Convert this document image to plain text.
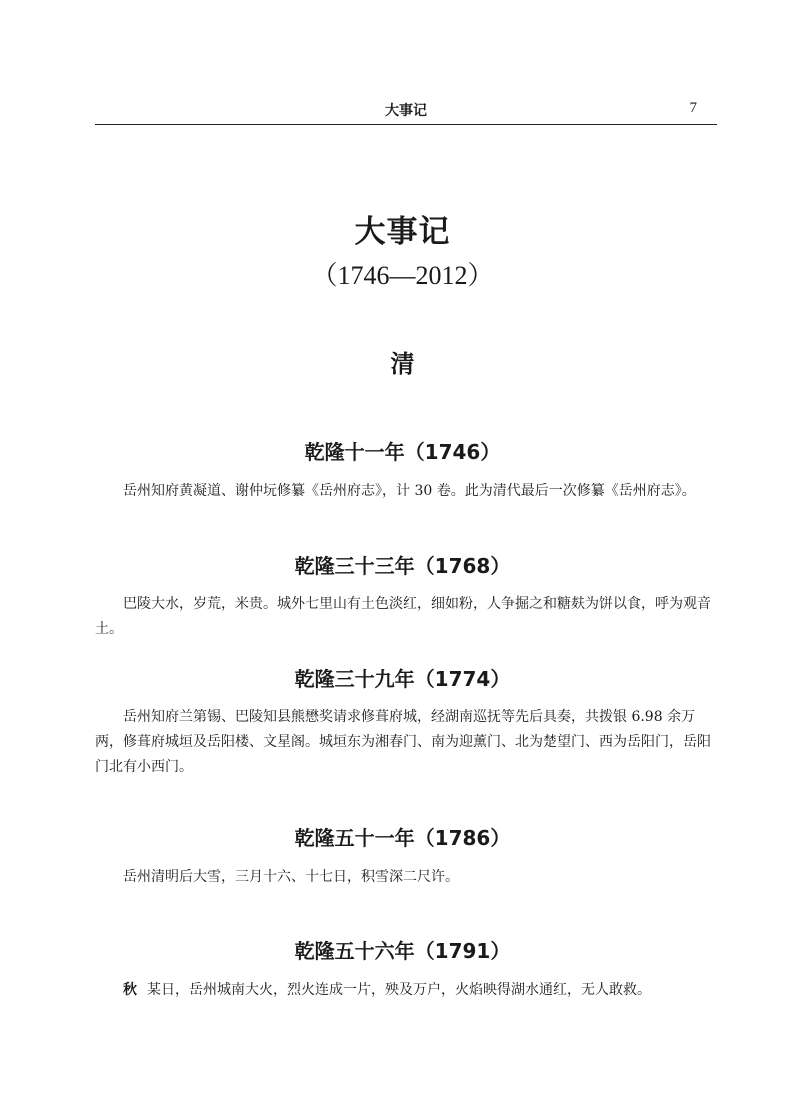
大事记	7
大事记
（1746—2012）
清
乾隆十一年（1746）

岳州知府黄凝道、谢仲坃修纂《岳州府志》，计 30 卷。此为清代最后一次修纂《岳州府志》。

乾隆三十三年（1768）

巴陵大水，岁荒，米贵。城外七里山有土色淡红，细如粉，人争掘之和糖麸为饼以食，呼为观音土。

乾隆三十九年（1774）

岳州知府兰第锡、巴陵知县熊懋奖请求修葺府城，经湖南巡抚等先后具奏，共拨银 6.98 余万两，修葺府城垣及岳阳楼、文星阁。城垣东为湘春门、南为迎薰门、北为楚望门、西为岳阳门，岳阳门北有小西门。

乾隆五十一年（1786）

岳州清明后大雪，三月十六、十七日，积雪深二尺许。

乾隆五十六年（1791）

秋 某日，岳州城南大火，烈火连成一片，殃及万户，火焰映得湖水通红，无人敢救。
